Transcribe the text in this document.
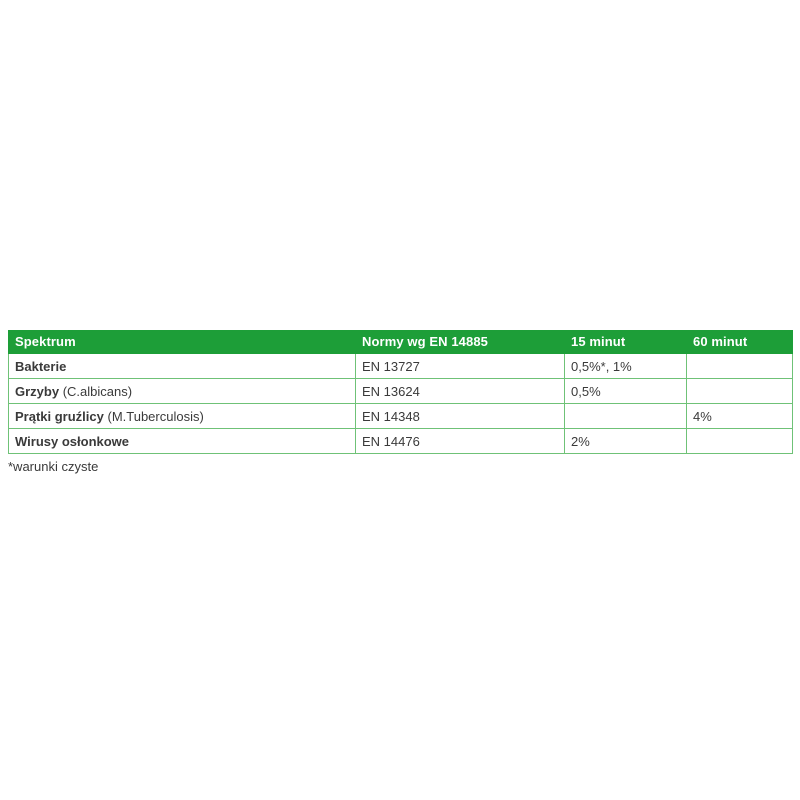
Spektrum	Normy wg EN 14885	15 minut	60 minut
Bakterie	EN 13727	0,5%*, 1%	
Grzyby (C.albicans)	EN 13624	0,5%	
Prątki gruźlicy (M.Tuberculosis)	EN 14348		4%
Wirusy osłonkowe	EN 14476	2%	
*warunki czyste
